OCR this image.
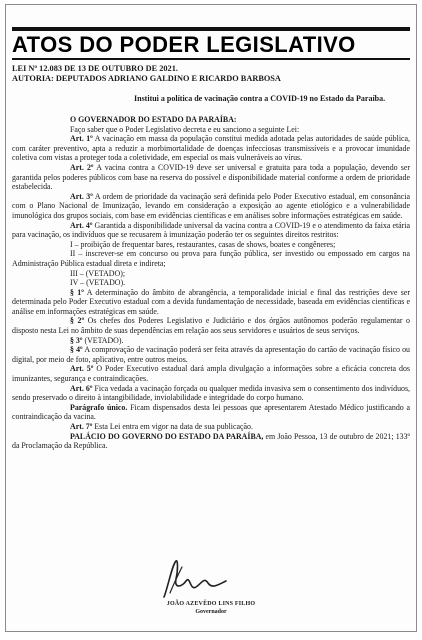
ATOS DO PODER LEGISLATIVO
LEI Nº 12.083 DE 13 DE OUTUBRO DE 2021.
AUTORIA: DEPUTADOS ADRIANO GALDINO E RICARDO BARBOSA
Institui a política de vacinação contra a COVID-19 no Estado da Paraíba.

O GOVERNADOR DO ESTADO DA PARAÍBA:

Faço saber que o Poder Legislativo decreta e eu sanciono a seguinte Lei:

Art. 1º A vacinação em massa da população constitui medida adotada pelas autoridades de saúde pública, com caráter preventivo, apta a reduzir a morbimortalidade de doenças infecciosas transmissíveis e a provocar imunidade coletiva com vistas a proteger toda a coletividade, em especial os mais vulneráveis ao vírus.

Art. 2º A vacina contra a COVID-19 deve ser universal e gratuita para toda a população, devendo ser garantida pelos poderes públicos com base na reserva do possível e disponibilidade material conforme a ordem de prioridade estabelecida.

Art. 3º A ordem de prioridade da vacinação será definida pelo Poder Executivo estadual, em consonância com o Plano Nacional de Imunização, levando em consideração a exposição ao agente etiológico e a vulnerabilidade imunológica dos grupos sociais, com base em evidências científicas e em análises sobre informações estratégicas em saúde.

Art. 4º Garantida a disponibilidade universal da vacina contra a COVID-19 e o atendimento da faixa etária para vacinação, os indivíduos que se recusarem à imunização poderão ter os seguintes direitos restritos:

I – proibição de frequentar bares, restaurantes, casas de shows, boates e congêneres;

II – inscrever-se em concurso ou prova para função pública, ser investido ou empossado em cargos na Administração Pública estadual direta e indireta;

III – (VETADO);

IV – (VETADO).

§ 1º A determinação do âmbito de abrangência, a temporalidade inicial e final das restrições deve ser determinada pelo Poder Executivo estadual com a devida fundamentação de necessidade, baseada em evidências científicas e análise em informações estratégicas em saúde.

§ 2º Os chefes dos Poderes Legislativo e Judiciário e dos órgãos autônomos poderão regulamentar o disposto nesta Lei no âmbito de suas dependências em relação aos seus servidores e usuários de seus serviços.

§ 3º (VETADO).

§ 4º A comprovação de vacinação poderá ser feita através da apresentação do cartão de vacinação físico ou digital, por meio de foto, aplicativo, entre outros meios.

Art. 5º O Poder Executivo estadual dará ampla divulgação a informações sobre a eficácia concreta dos imunizantes, segurança e contraindicações.

Art. 6º Fica vedada a vacinação forçada ou qualquer medida invasiva sem o consentimento dos indivíduos, sendo preservado o direito à intangibilidade, inviolabilidade e integridade do corpo humano.

Parágrafo único. Ficam dispensados desta lei pessoas que apresentarem Atestado Médico justificando a contraindicação da vacina.

Art. 7º Esta Lei entra em vigor na data de sua publicação.

PALÁCIO DO GOVERNO DO ESTADO DA PARAÍBA, em João Pessoa, 13 de outubro de 2021; 133º da Proclamação da República.

JOÃO AZEVÊDO LINS FILHO
Governador
